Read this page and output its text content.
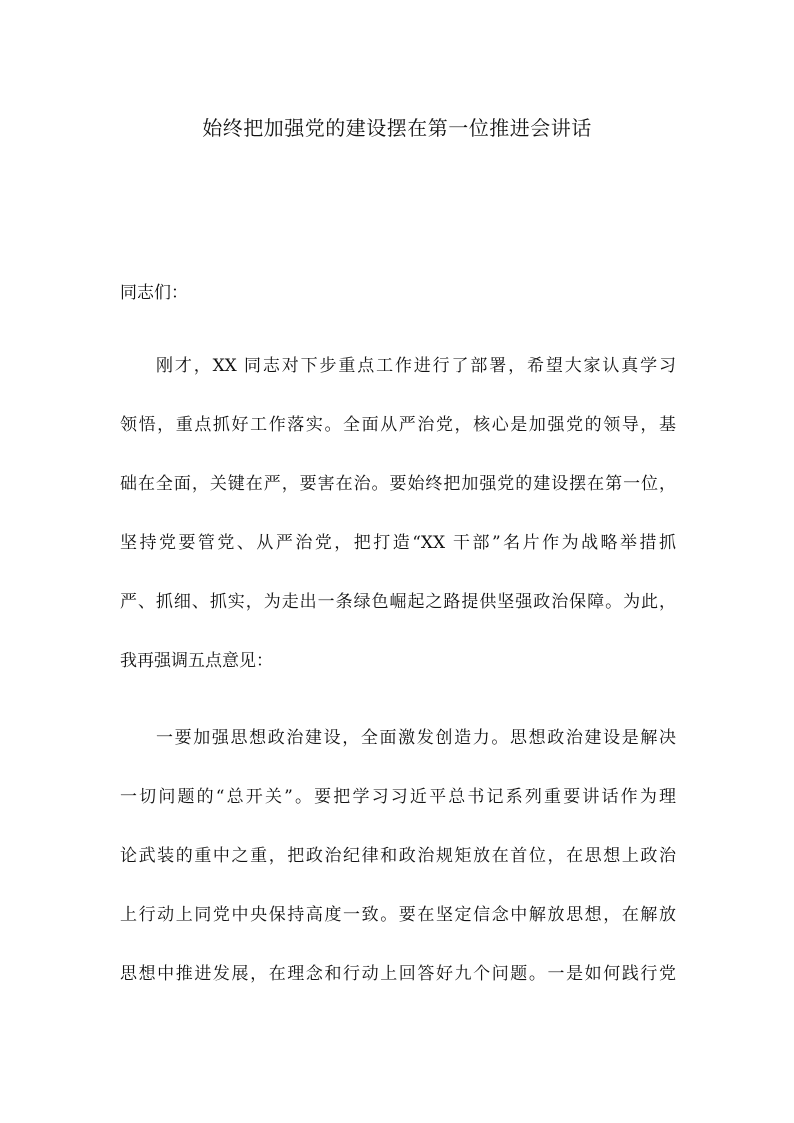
始终把加强党的建设摆在第一位推进会讲话
同志们：
刚才，XX 同志对下步重点工作进行了部署，希望大家认真学习
领悟，重点抓好工作落实。全面从严治党，核心是加强党的领导，基
础在全面，关键在严，要害在治。要始终把加强党的建设摆在第一位，
坚持党要管党、从严治党，把打造“XX 干部”名片作为战略举措抓
严、抓细、抓实，为走出一条绿色崛起之路提供坚强政治保障。为此，
我再强调五点意见：
一要加强思想政治建设，全面激发创造力。思想政治建设是解决
一切问题的“总开关”。要把学习习近平总书记系列重要讲话作为理
论武装的重中之重，把政治纪律和政治规矩放在首位，在思想上政治
上行动上同党中央保持高度一致。要在坚定信念中解放思想，在解放
思想中推进发展，在理念和行动上回答好九个问题。一是如何践行党
